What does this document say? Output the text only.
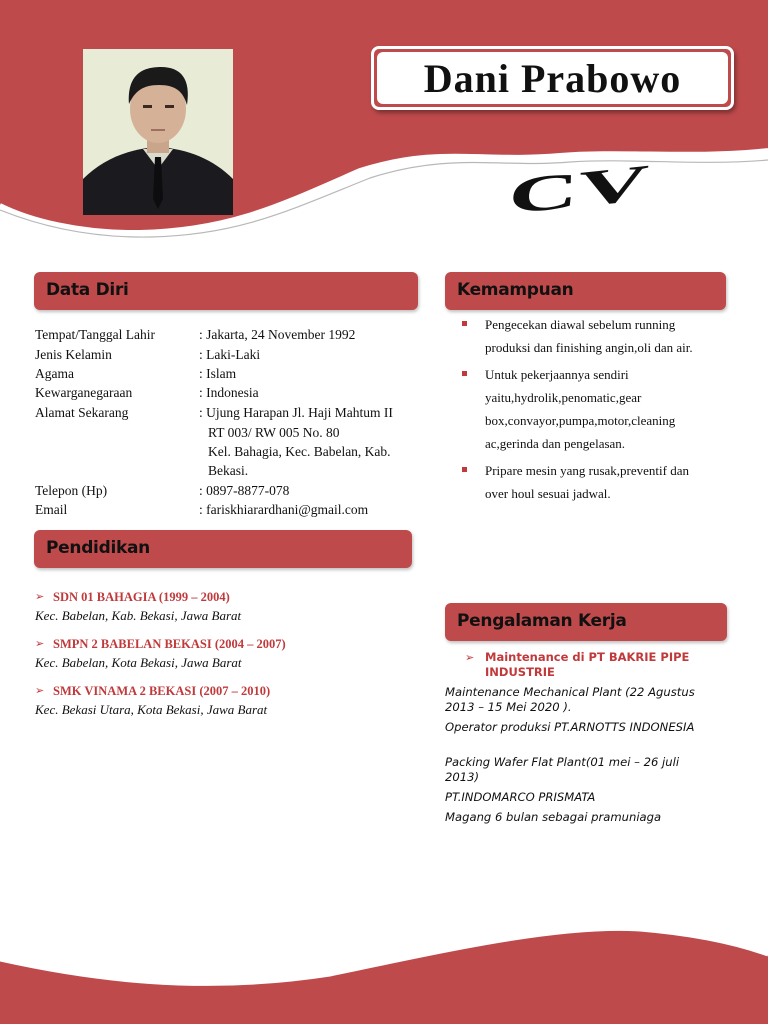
Dani Prabowo
CV
Data Diri	Kemampuan
Pendidikan
Pengalaman Kerja
Tempat/Tanggal Lahir	: Jakarta, 24 November 1992
Jenis Kelamin	: Laki-Laki
Agama	: Islam
Kewarganegaraan	: Indonesia
Alamat Sekarang	: Ujung Harapan Jl. Haji Mahtum II
RT 003/ RW 005 No. 80
Kel. Bahagia, Kec. Babelan, Kab.
Bekasi.
Telepon (Hp)	: 0897-8877-078
Email	: fariskhiarardhani@gmail.com
Pengecekan diawal sebelum running produksi dan finishing angin,oli dan air.
Untuk pekerjaannya sendiri yaitu,hydrolik,penomatic,gear box,convayor,pumpa,motor,cleaning ac,gerinda dan pengelasan.
Pripare mesin yang rusak,preventif dan over houl sesuai jadwal.
➢ SDN 01 BAHAGIA (1999 – 2004)
Kec. Babelan, Kab. Bekasi, Jawa Barat
➢ SMPN 2 BABELAN BEKASI (2004 – 2007)
Kec. Babelan, Kota Bekasi, Jawa Barat
➢ SMK VINAMA 2 BEKASI (2007 – 2010)
Kec. Bekasi Utara, Kota Bekasi, Jawa Barat
➢ Maintenance di PT BAKRIE PIPE INDUSTRIE
Maintenance Mechanical Plant (22 Agustus 2013 – 15 Mei 2020 ).
Operator produksi PT.ARNOTTS INDONESIA
Packing Wafer Flat Plant(01 mei – 26 juli 2013)
PT.INDOMARCO PRISMATA
Magang 6 bulan sebagai pramuniaga
